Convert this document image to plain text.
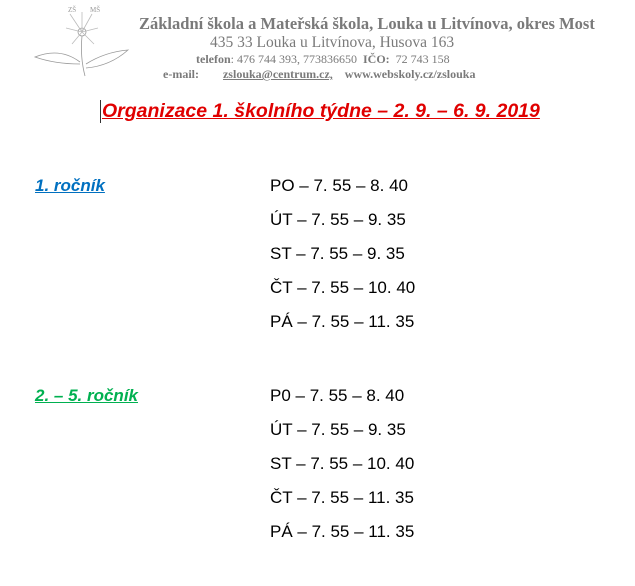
ZŠ MŠ
Základní škola a Mateřská škola, Louka u Litvínova, okres Most
435 33 Louka u Litvínova, Husova 163
telefon: 476 744 393, 773836650 IČO: 72 743 158
e-mail: zslouka@centrum.cz, www.webskoly.cz/zslouka
Organizace 1. školního týdne – 2. 9. – 6. 9. 2019
1. ročník	PO – 7. 55 – 8. 40
ÚT – 7. 55 – 9. 35
ST – 7. 55 – 9. 35
ČT – 7. 55 – 10. 40
PÁ – 7. 55 – 11. 35
2. – 5. ročník	P0 – 7. 55 – 8. 40
ÚT – 7. 55 – 9. 35
ST – 7. 55 – 10. 40
ČT – 7. 55 – 11. 35
PÁ – 7. 55 – 11. 35
